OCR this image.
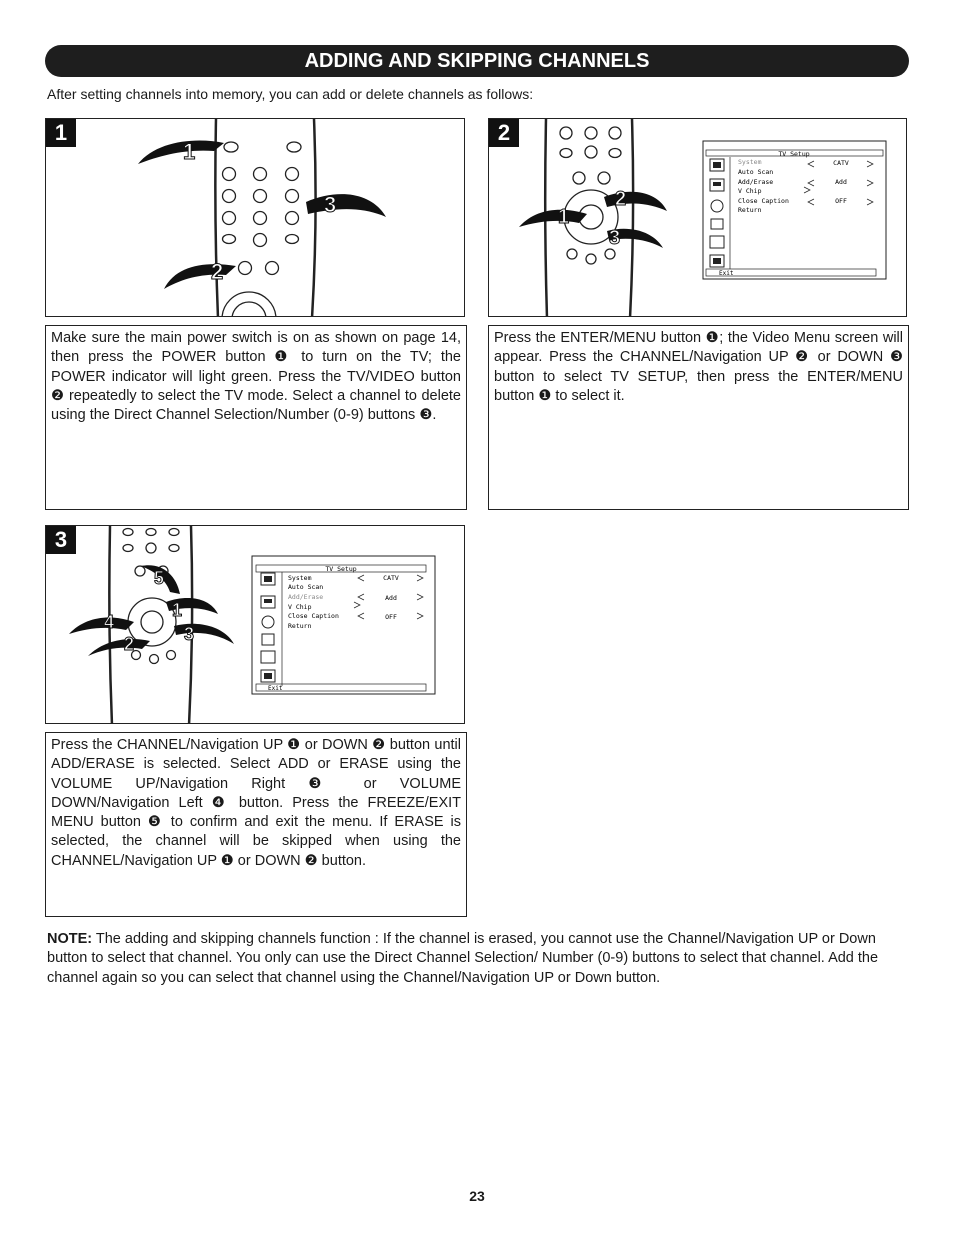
ADDING AND SKIPPING CHANNELS
After setting channels into memory, you can add or delete channels as follows:
1
1
2
3
2
1
2
3
TV Setup
System
Auto Scan
Add/Erase
V Chip
Close Caption
Return
CATV
Add
OFF
Exit
Make sure the main power switch is on as shown on page 14, then press the POWER button ❶ to turn on the TV; the POWER indicator will light green. Press the TV/VIDEO button ❷ repeatedly to select the TV mode. Select a channel to delete using the Direct Channel Selection/Number (0-9) buttons ❸.
Press the ENTER/MENU button ❶; the Video Menu screen will appear. Press the CHANNEL/Navigation UP ❷ or DOWN ❸ button to select TV SETUP, then press the ENTER/MENU button ❶ to select it.
3
4
2
1
3
5	TV Setup
System
Auto Scan
Add/Erase
V Chip
Close Caption
Return
CATV
Add
OFF
Exit
Press the CHANNEL/Navigation UP ❶ or DOWN ❷ button until ADD/ERASE is selected. Select ADD or ERASE using the VOLUME UP/Navigation Right ❸ or VOLUME DOWN/Navigation Left ❹ button. Press the FREEZE/EXIT MENU button ❺ to confirm and exit the menu. If ERASE is selected, the channel will be skipped when using the CHANNEL/Navigation UP ❶ or DOWN ❷ button.
NOTE: The adding and skipping channels function : If the channel is erased, you cannot use the Channel/Navigation UP or Down button to select that channel. You only can use the Direct Channel Selection/ Number (0-9) buttons to select that channel. Add the channel again so you can select that channel using the Channel/Navigation UP or Down button.
23
